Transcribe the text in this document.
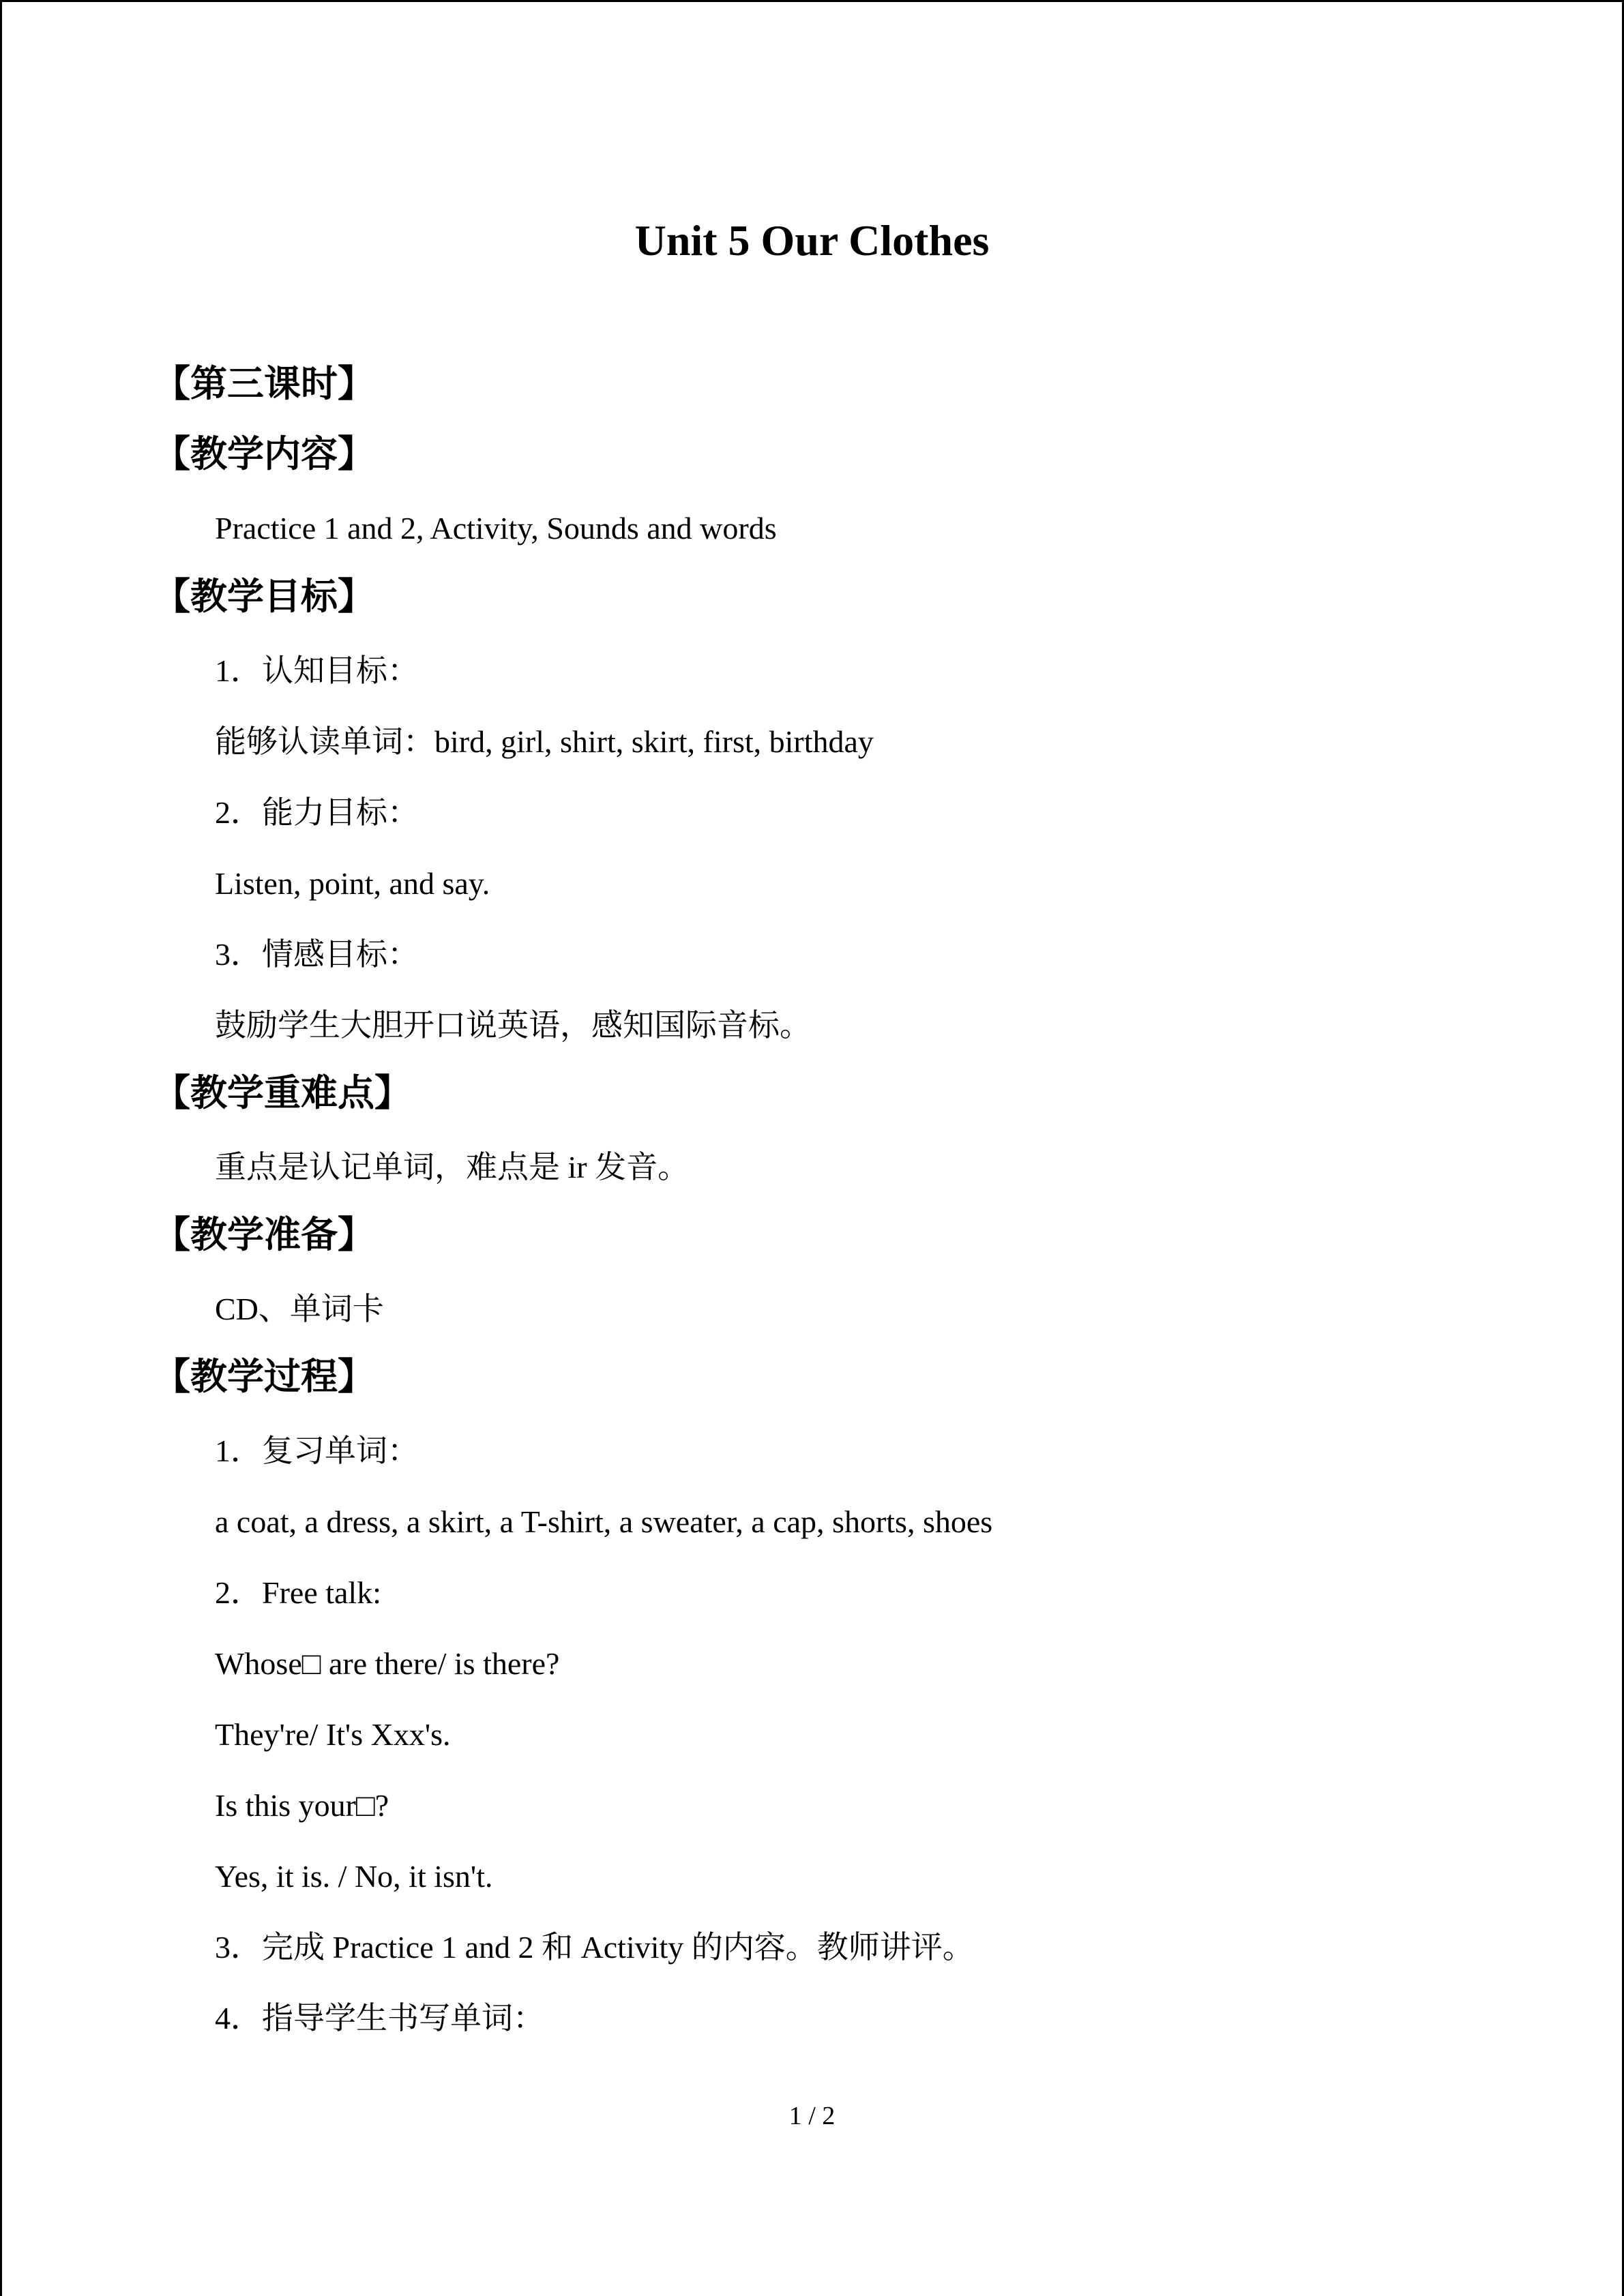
Unit 5 Our Clothes
【第三课时】
【教学内容】
Practice 1 and 2, Activity, Sounds and words
【教学目标】
1．认知目标：
能够认读单词：bird, girl, shirt, skirt, first, birthday
2．能力目标：
Listen, point, and say.
3．情感目标：
鼓励学生大胆开口说英语，感知国际音标。
【教学重难点】
重点是认记单词，难点是 ir 发音。
【教学准备】
CD、单词卡
【教学过程】
1．复习单词：
a coat, a dress, a skirt, a T-shirt, a sweater, a cap, shorts, shoes
2．Free talk:
Whose□ are there/ is there?
They're/ It's Xxx's.
Is this your□?
Yes, it is. / No, it isn't.
3．完成 Practice 1 and 2 和 Activity 的内容。教师讲评。
4．指导学生书写单词：
1 / 2
